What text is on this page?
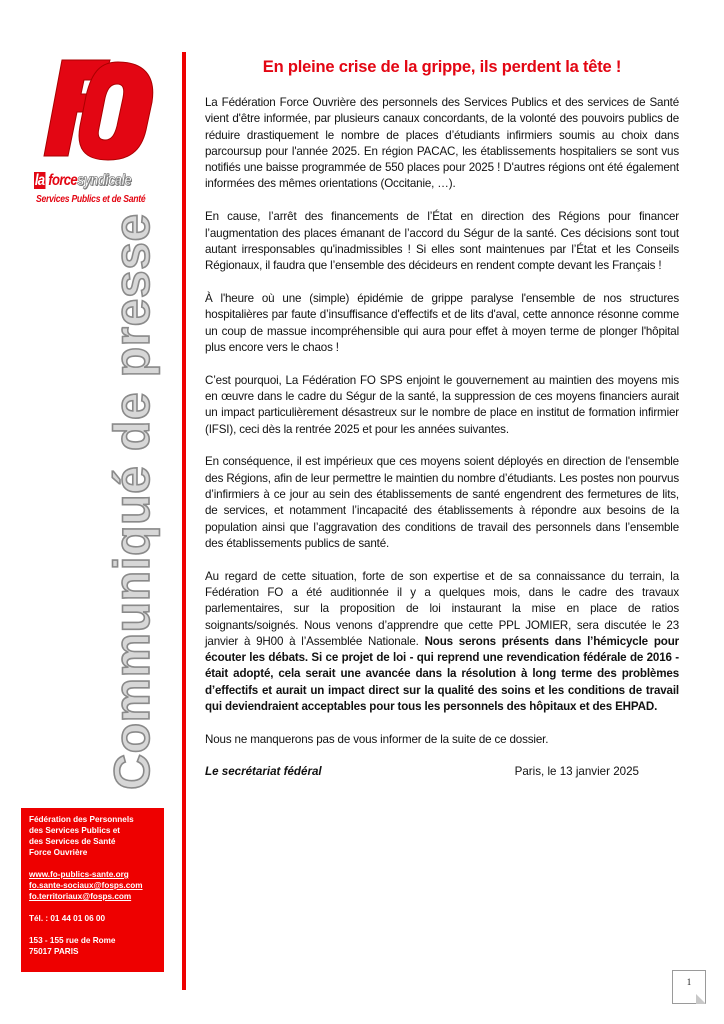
la forcesyndicale
Services Publics et de Santé
Communiqué de presse
Fédération des Personnels
des Services Publics et
des Services de Santé
Force Ouvrière
www.fo-publics-sante.org
fo.sante-sociaux@fosps.com
fo.territoriaux@fosps.com
Tél. : 01 44 01 06 00
153 - 155 rue de Rome
75017 PARIS
En pleine crise de la grippe, ils perdent la tête !

La Fédération Force Ouvrière des personnels des Services Publics et des services de Santé vient d'être informée, par plusieurs canaux concordants, de la volonté des pouvoirs publics de réduire drastiquement le nombre de places d’étudiants infirmiers soumis au choix dans parcoursup pour l'année 2025. En région PACAC, les établissements hospitaliers se sont vus notifiés une baisse programmée de 550 places pour 2025 ! D'autres régions ont été également informées des mêmes orientations (Occitanie, …).

En cause, l’arrêt des financements de l’État en direction des Régions pour financer l’augmentation des places émanant de l’accord du Ségur de la santé. Ces décisions sont tout autant irresponsables qu'inadmissibles ! Si elles sont maintenues par l’État et les Conseils Régionaux, il faudra que l’ensemble des décideurs en rendent compte devant les Français !

À l'heure où une (simple) épidémie de grippe paralyse l'ensemble de nos structures hospitalières par faute d’insuffisance d'effectifs et de lits d'aval, cette annonce résonne comme un coup de massue incompréhensible qui aura pour effet à moyen terme de plonger l'hôpital plus encore vers le chaos !

C’est pourquoi, La Fédération FO SPS enjoint le gouvernement au maintien des moyens mis en œuvre dans le cadre du Ségur de la santé, la suppression de ces moyens financiers aurait un impact particulièrement désastreux sur le nombre de place en institut de formation infirmier (IFSI), ceci dès la rentrée 2025 et pour les années suivantes.

En conséquence, il est impérieux que ces moyens soient déployés en direction de l'ensemble des Régions, afin de leur permettre le maintien du nombre d’étudiants. Les postes non pourvus d’infirmiers à ce jour au sein des établissements de santé engendrent des fermetures de lits, de services, et notamment l’incapacité des établissements à répondre aux besoins de la population ainsi que l’aggravation des conditions de travail des personnels dans l’ensemble des établissements publics de santé.

Au regard de cette situation, forte de son expertise et de sa connaissance du terrain, la Fédération FO a été auditionnée il y a quelques mois, dans le cadre des travaux parlementaires, sur la proposition de loi instaurant la mise en place de ratios soignants/soignés. Nous venons d’apprendre que cette PPL JOMIER, sera discutée le 23 janvier à 9H00 à l’Assemblée Nationale. Nous serons présents dans l’hémicycle pour écouter les débats. Si ce projet de loi - qui reprend une revendication fédérale de 2016 - était adopté, cela serait une avancée dans la résolution à long terme des problèmes d’effectifs et aurait un impact direct sur la qualité des soins et les conditions de travail qui deviendraient acceptables pour tous les personnels des hôpitaux et des EHPAD.

Nous ne manquerons pas de vous informer de la suite de ce dossier.

Le secrétariat fédéral	Paris, le 13 janvier 2025
1
